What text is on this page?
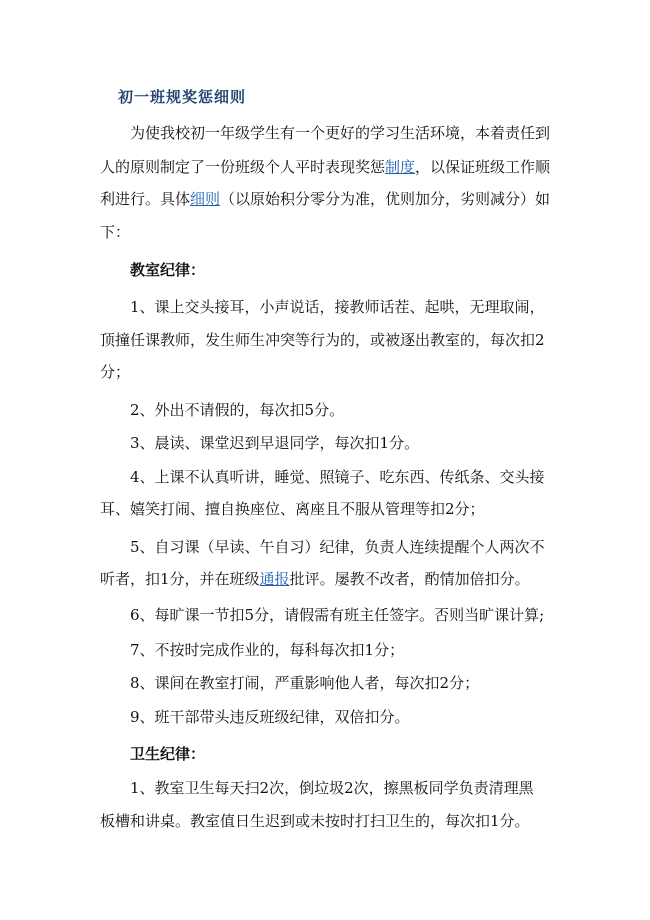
初一班规奖惩细则
为使我校初一年级学生有一个更好的学习生活环境，本着责任到
人的原则制定了一份班级个人平时表现奖惩制度，以保证班级工作顺
利进行。具体细则（以原始积分零分为准，优则加分，劣则减分）如
下：
教室纪律：
1、课上交头接耳，小声说话，接教师话茬、起哄，无理取闹，
顶撞任课教师，发生师生冲突等行为的，或被逐出教室的，每次扣2
分；
2、外出不请假的，每次扣5分。
3、晨读、课堂迟到早退同学，每次扣1分。
4、上课不认真听讲，睡觉、照镜子、吃东西、传纸条、交头接
耳、嬉笑打闹、擅自换座位、离座且不服从管理等扣2分；
5、自习课（早读、午自习）纪律，负责人连续提醒个人两次不
听者，扣1分，并在班级通报批评。屡教不改者，酌情加倍扣分。
6、每旷课一节扣5分，请假需有班主任签字。否则当旷课计算;
7、不按时完成作业的，每科每次扣1分；
8、课间在教室打闹，严重影响他人者，每次扣2分；
9、班干部带头违反班级纪律，双倍扣分。
卫生纪律：
1、教室卫生每天扫2次，倒垃圾2次，擦黑板同学负责清理黑
板槽和讲桌。教室值日生迟到或未按时打扫卫生的，每次扣1分。
